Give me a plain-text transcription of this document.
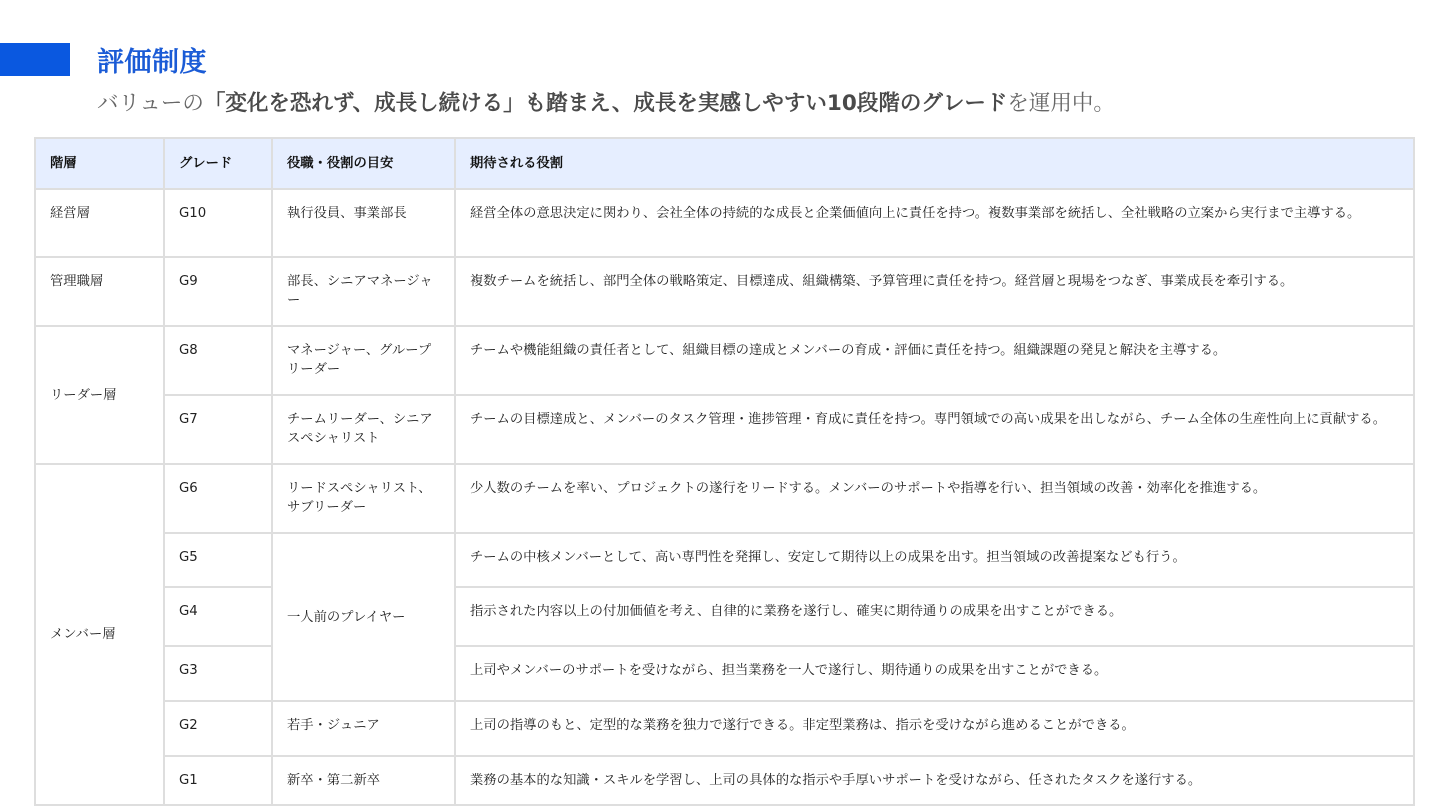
評価制度
バリューの「変化を恐れず、成長し続ける」も踏まえ、成長を実感しやすい10段階のグレードを運用中。
階層	グレード	役職・役割の目安	期待される役割
経営層	G10	執行役員、事業部長	経営全体の意思決定に関わり、会社全体の持続的な成長と企業価値向上に責任を持つ。複数事業部を統括し、全社戦略の立案から実行まで主導する。
管理職層	G9	部長、シニアマネージャー	複数チームを統括し、部門全体の戦略策定、目標達成、組織構築、予算管理に責任を持つ。経営層と現場をつなぎ、事業成長を牽引する。
リーダー層	G8	マネージャー、グループリーダー	チームや機能組織の責任者として、組織目標の達成とメンバーの育成・評価に責任を持つ。組織課題の発見と解決を主導する。
	G7	チームリーダー、シニアスペシャリスト	チームの目標達成と、メンバーのタスク管理・進捗管理・育成に責任を持つ。専門領域での高い成果を出しながら、チーム全体の生産性向上に貢献する。
メンバー層	G6	リードスペシャリスト、サブリーダー	少人数のチームを率い、プロジェクトの遂行をリードする。メンバーのサポートや指導を行い、担当領域の改善・効率化を推進する。
	G5	一人前のプレイヤー	チームの中核メンバーとして、高い専門性を発揮し、安定して期待以上の成果を出す。担当領域の改善提案なども行う。
	G4		指示された内容以上の付加価値を考え、自律的に業務を遂行し、確実に期待通りの成果を出すことができる。
	G3		上司やメンバーのサポートを受けながら、担当業務を一人で遂行し、期待通りの成果を出すことができる。
	G2	若手・ジュニア	上司の指導のもと、定型的な業務を独力で遂行できる。非定型業務は、指示を受けながら進めることができる。
	G1	新卒・第二新卒	業務の基本的な知識・スキルを学習し、上司の具体的な指示や手厚いサポートを受けながら、任されたタスクを遂行する。
